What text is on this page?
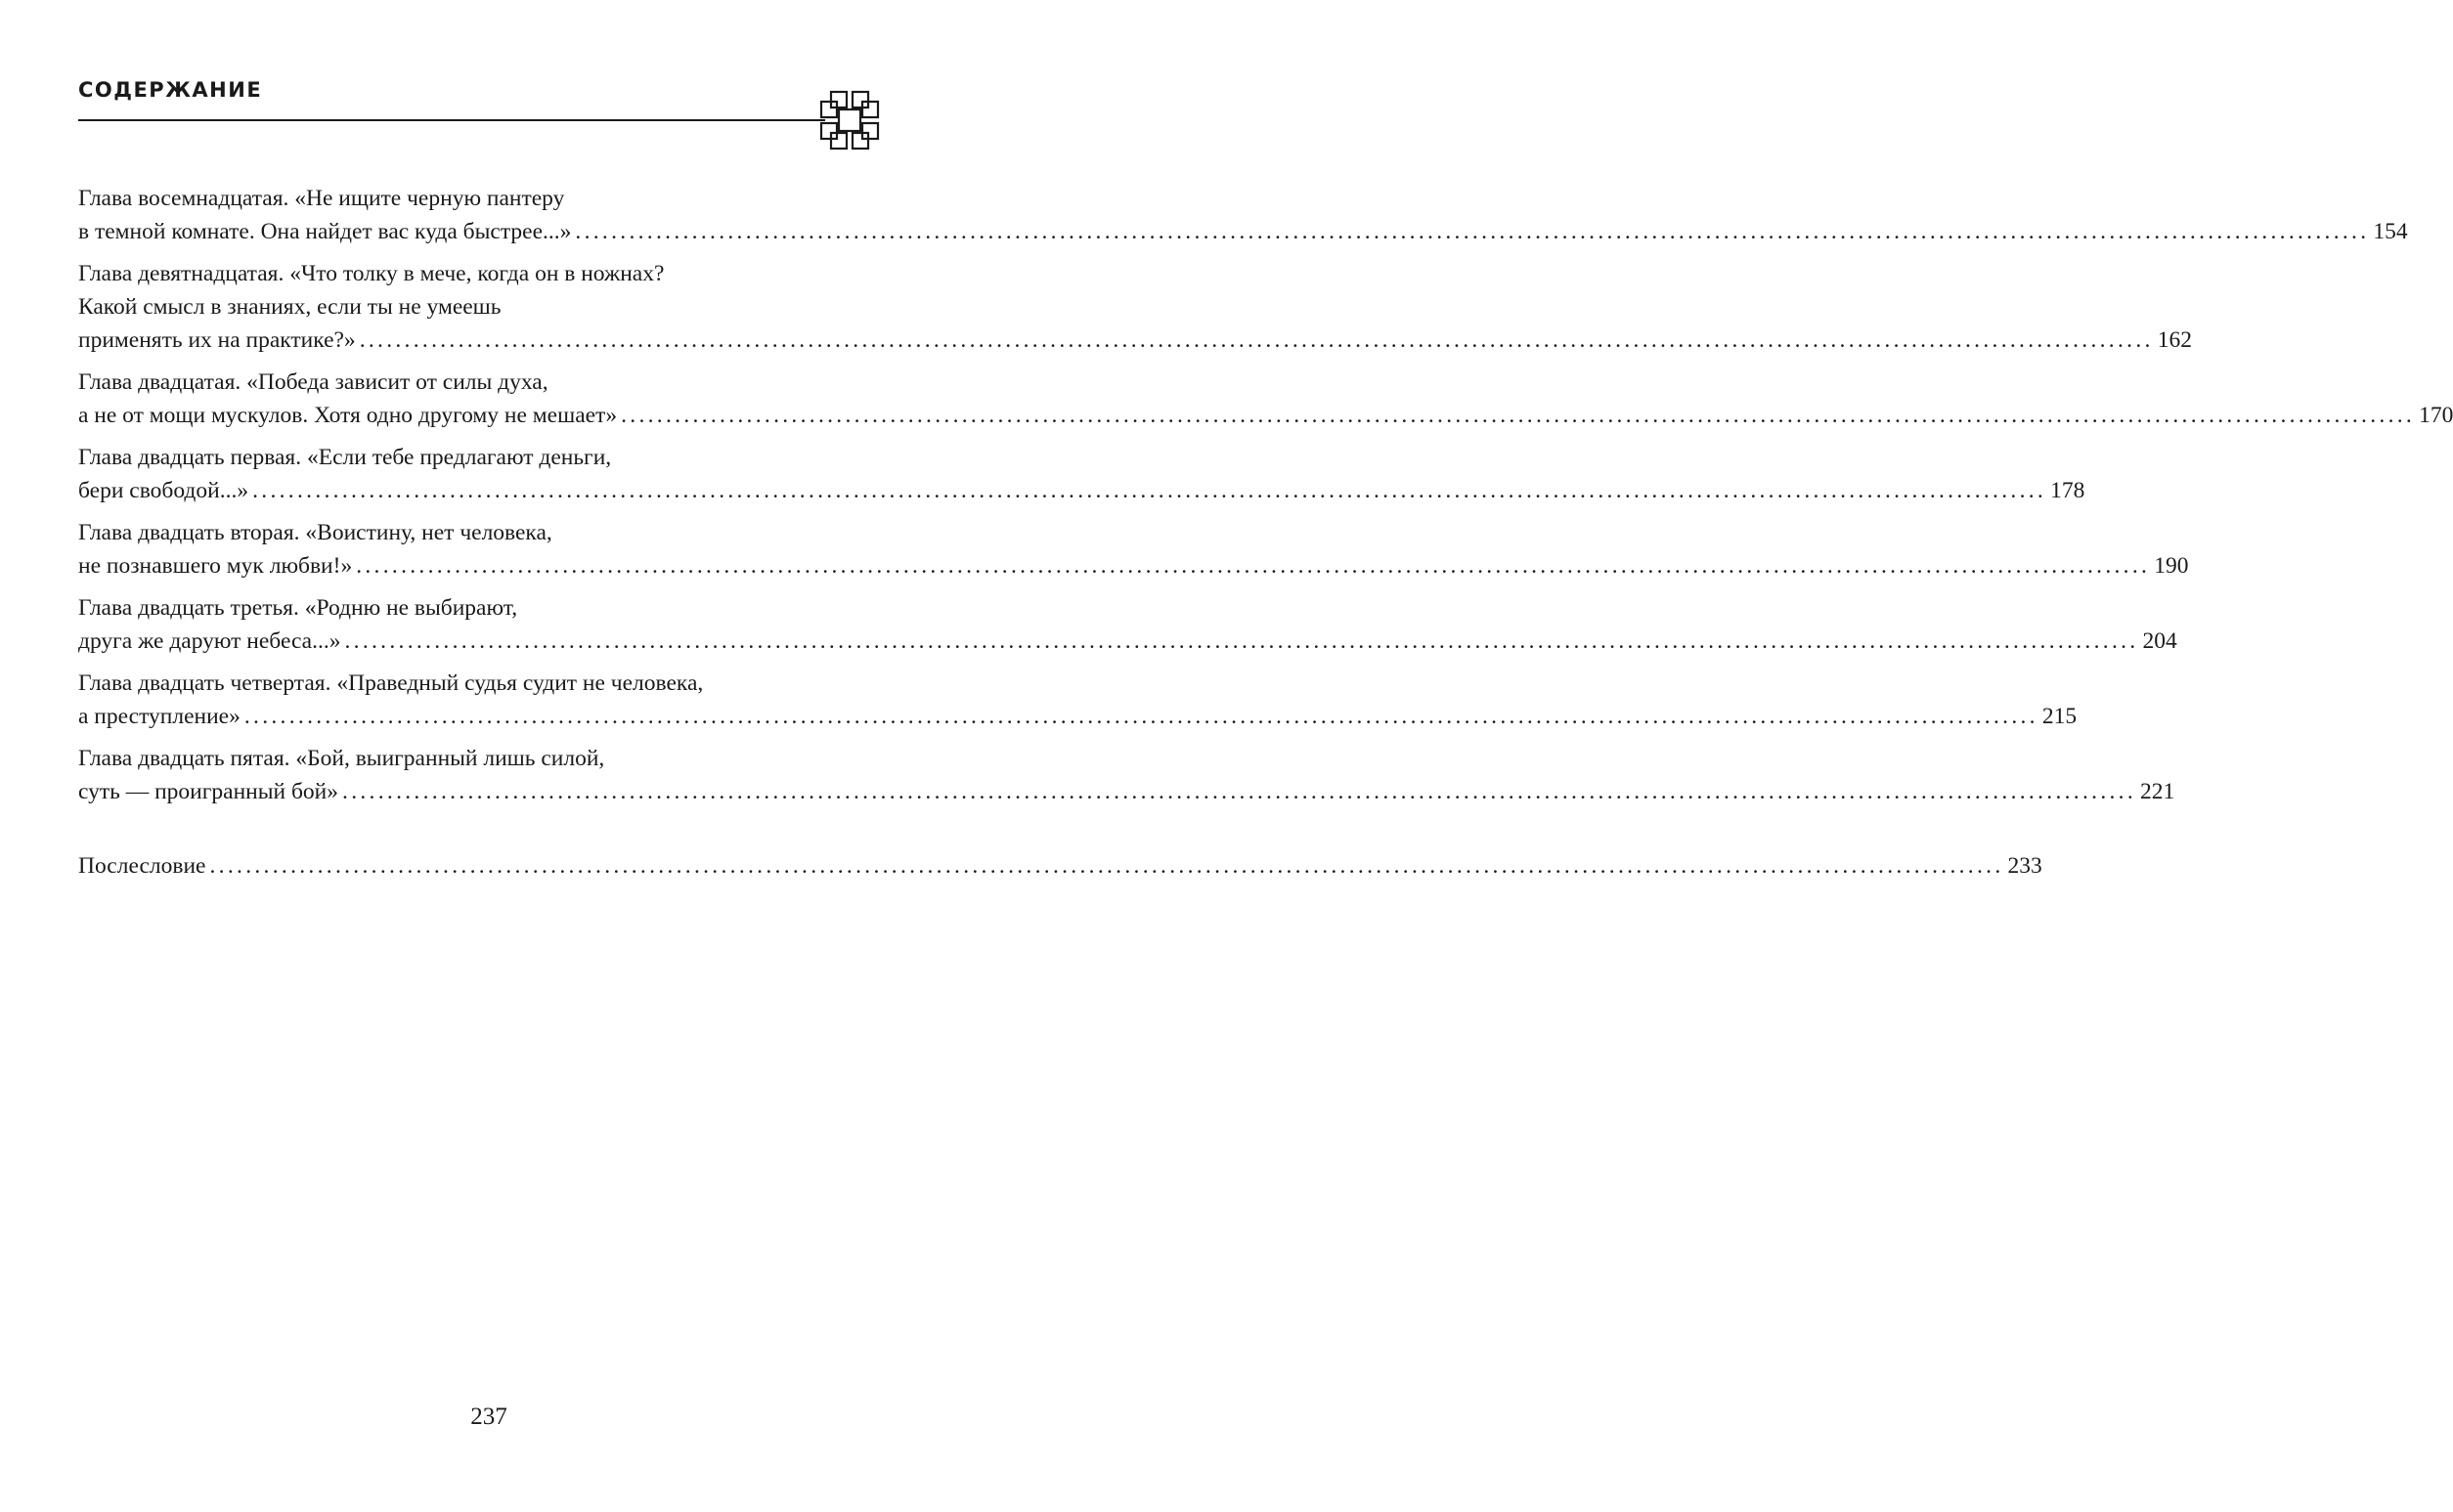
СОДЕРЖАНИЕ
Глава восемнадцатая. «Не ищите черную пантеру
в темной комнате. Она найдет вас куда быстрее...» ........................................................................................................................................................................................................ 154
Глава девятнадцатая. «Что толку в мече, когда он в ножнах?
Какой смысл в знаниях, если ты не умеешь
применять их на практике?» ........................................................................................................................................................................................................ 162
Глава двадцатая. «Победа зависит от силы духа,
а не от мощи мускулов. Хотя одно другому не мешает» ........................................................................................................................................................................................................ 170
Глава двадцать первая. «Если тебе предлагают деньги,
бери свободой...» ........................................................................................................................................................................................................ 178
Глава двадцать вторая. «Воистину, нет человека,
не познавшего мук любви!» ........................................................................................................................................................................................................ 190
Глава двадцать третья. «Родню не выбирают,
друга же даруют небеса...» ........................................................................................................................................................................................................ 204
Глава двадцать четвертая. «Праведный судья судит не человека,
а преступление» ........................................................................................................................................................................................................ 215
Глава двадцать пятая. «Бой, выигранный лишь силой,
суть — проигранный бой» ........................................................................................................................................................................................................ 221
Послесловие ........................................................................................................................................................................................................ 233
237
